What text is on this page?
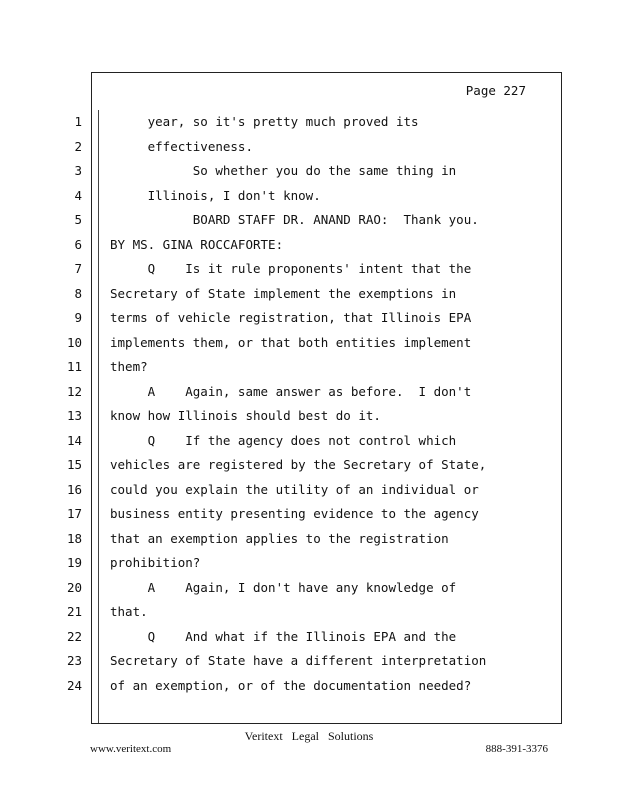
Page 227
1
2
3
4
5
6
7
8
9
10
11
12
13
14
15
16
17
18
19
20
21
22
23
24
year, so it's pretty much proved its
effectiveness.
So whether you do the same thing in
Illinois, I don't know.
BOARD STAFF DR. ANAND RAO:  Thank you.
BY MS. GINA ROCCAFORTE:
Q    Is it rule proponents' intent that the
Secretary of State implement the exemptions in
terms of vehicle registration, that Illinois EPA
implements them, or that both entities implement
them?
A    Again, same answer as before.  I don't
know how Illinois should best do it.
Q    If the agency does not control which
vehicles are registered by the Secretary of State,
could you explain the utility of an individual or
business entity presenting evidence to the agency
that an exemption applies to the registration
prohibition?
A    Again, I don't have any knowledge of
that.
Q    And what if the Illinois EPA and the
Secretary of State have a different interpretation
of an exemption, or of the documentation needed?
Veritext   Legal   Solutions
www.veritext.com	888-391-3376
